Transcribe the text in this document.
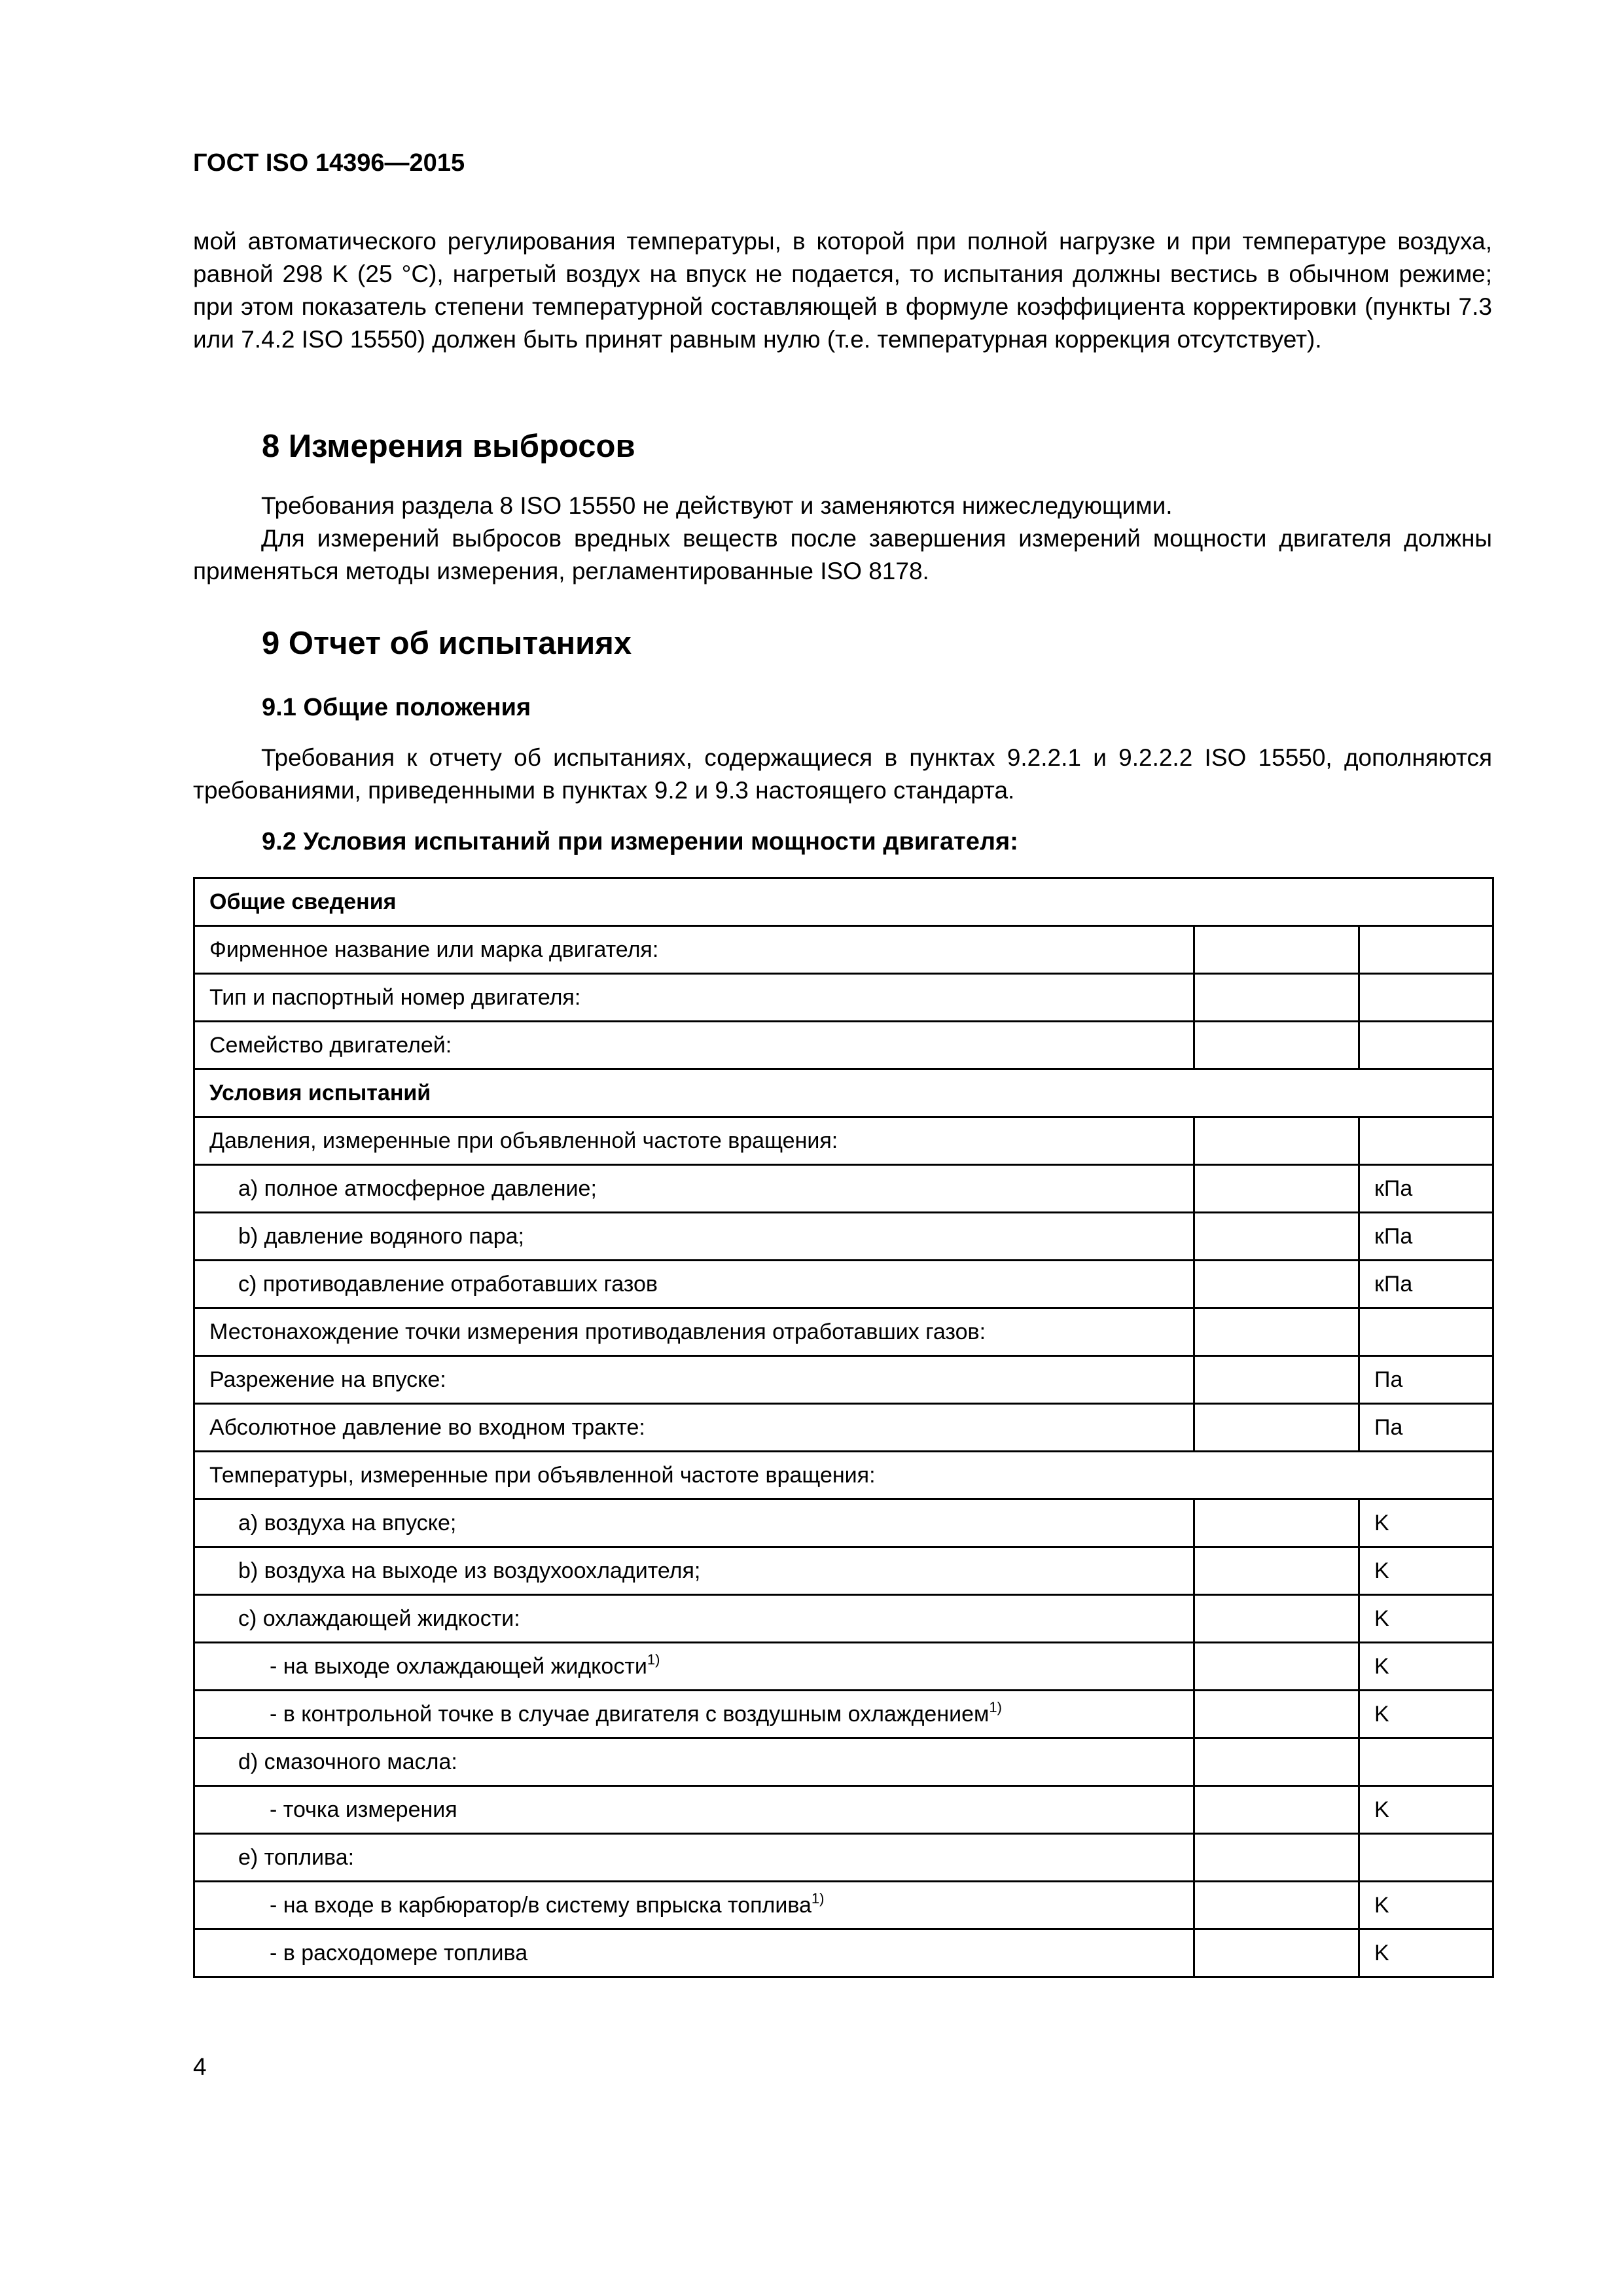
ГОСТ ISO 14396—2015

мой автоматического регулирования температуры, в которой при полной нагрузке и при температуре воздуха, равной 298 K (25 °C), нагретый воздух на впуск не подается, то испытания должны вестись в обычном режиме; при этом показатель степени температурной составляющей в формуле коэффициента корректировки (пункты 7.3 или 7.4.2 ISO 15550) должен быть принят равным нулю (т.е. температурная коррекция отсутствует).

8 Измерения выбросов

Требования раздела 8 ISO 15550 не действуют и заменяются нижеследующими.

Для измерений выбросов вредных веществ после завершения измерений мощности двигателя должны применяться методы измерения, регламентированные ISO 8178.

9 Отчет об испытаниях
9.1 Общие положения

Требования к отчету об испытаниях, содержащиеся в пунктах 9.2.2.1 и 9.2.2.2 ISO 15550, дополняются требованиями, приведенными в пунктах 9.2 и 9.3 настоящего стандарта.

9.2 Условия испытаний при измерении мощности двигателя:
Общие сведения		
Фирменное название или марка двигателя:		
Тип и паспортный номер двигателя:		
Семейство двигателей:		
Условия испытаний		
Давления, измеренные при объявленной частоте вращения:		
a) полное атмосферное давление;		кПа
b) давление водяного пара;		кПа
c) противодавление отработавших газов		кПа
Местонахождение точки измерения противодавления отработавших газов:		
Разрежение на впуске:		Па
Абсолютное давление во входном тракте:		Па
Температуры, измеренные при объявленной частоте вращения:		
a) воздуха на впуске;		K
b) воздуха на выходе из воздухоохладителя;		K
c) охлаждающей жидкости:		K
- на выходе охлаждающей жидкости$^{1)}$		K
- в контрольной точке в случае двигателя с воздушным охлаждением$^{1)}$		K
d) смазочного масла:		
- точка измерения		K
e) топлива:		
- на входе в карбюратор/в систему впрыска топлива$^{1)}$		K
- в расходомере топлива		K

4
